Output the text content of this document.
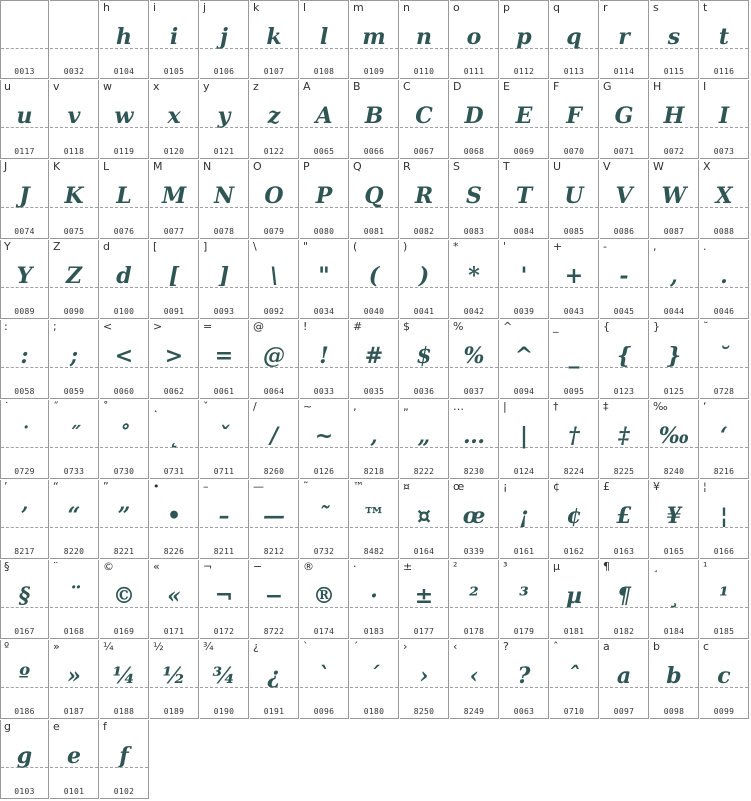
0013	0032
h
h
0104
i
i
0105
j
j
0106
k
k
0107
l
l
0108
m
m
0109
n
n
0110
o
o
0111
p
p
0112
q
q
0113
r
r
0114
s
s
0115
t
t
0116
u
u
0117
v
v
0118
w
w
0119
x
x
0120
y
y
0121
z
z
0122
A
A
0065
B
B
0066
C
C
0067
D
D
0068
E
E
0069
F
F
0070
G
G
0071
H
H
0072
I
I
0073
J
J
0074
K
K
0075
L
L
0076
M
M
0077
N
N
0078
O
O
0079
P
P
0080
Q
Q
0081
R
R
0082
S
S
0083
T
T
0084
U
U
0085
V
V
0086
W
W
0087
X
X
0088
Y
Y
0089
Z
Z
0090
d
d
0100
[
[
0091
]
]
0093
\
\
0092
"
"
0034
(
(
0040
)
)
0041
*
*
0042
'
'
0039
+
+
0043
-
-
0045
,
,
0044
.
.
0046
:
:
0058
;
;
0059
<
<
0060
>
>
0062
=
=
0061
@
@
0064
!
!
0033
#
#
0035
$
$
0036
%
%
0037
^
^
0094
_
_
0095
{
{
0123
}
}
0125
˘
˘
0728
˙
˙
0729
˝
˝
0733
˚
˚
0730
˛
˛
0731
ˇ
ˇ
0711
/
/
8260
~
~
0126
‚
‚
8218
„
„
8222
…
…
8230
|
|
0124
†
†
8224
‡
‡
8225
‰
‰
8240
‘
‘
8216
’
’
8217
“
“
8220
”
”
8221
•
•
8226
–
–
8211
—
—
8212
˜
˜
0732
™
™
8482
¤
¤
0164
œ
œ
0339
¡
¡
0161
¢
¢
0162
£
£
0163
¥
¥
0165
¦
¦
0166
§
§
0167
¨
¨
0168
©
©
0169
«
«
0171
¬
¬
0172
−
−
8722
®
®
0174
·
·
0183
±
±
0177
²
²
0178
³
³
0179
µ
µ
0181
¶
¶
0182
¸
¸
0184
¹
¹
0185
º
º
0186
»
»
0187
¼
¼
0188
½
½
0189
¾
¾
0190
¿
¿
0191
`
`
0096
´
´
0180
›
›
8250
‹
‹
8249
?
?
0063
ˆ
ˆ
0710
a
a
0097
b
b
0098
c
c
0099
g
g
0103
e
e
0101
f
f
0102
